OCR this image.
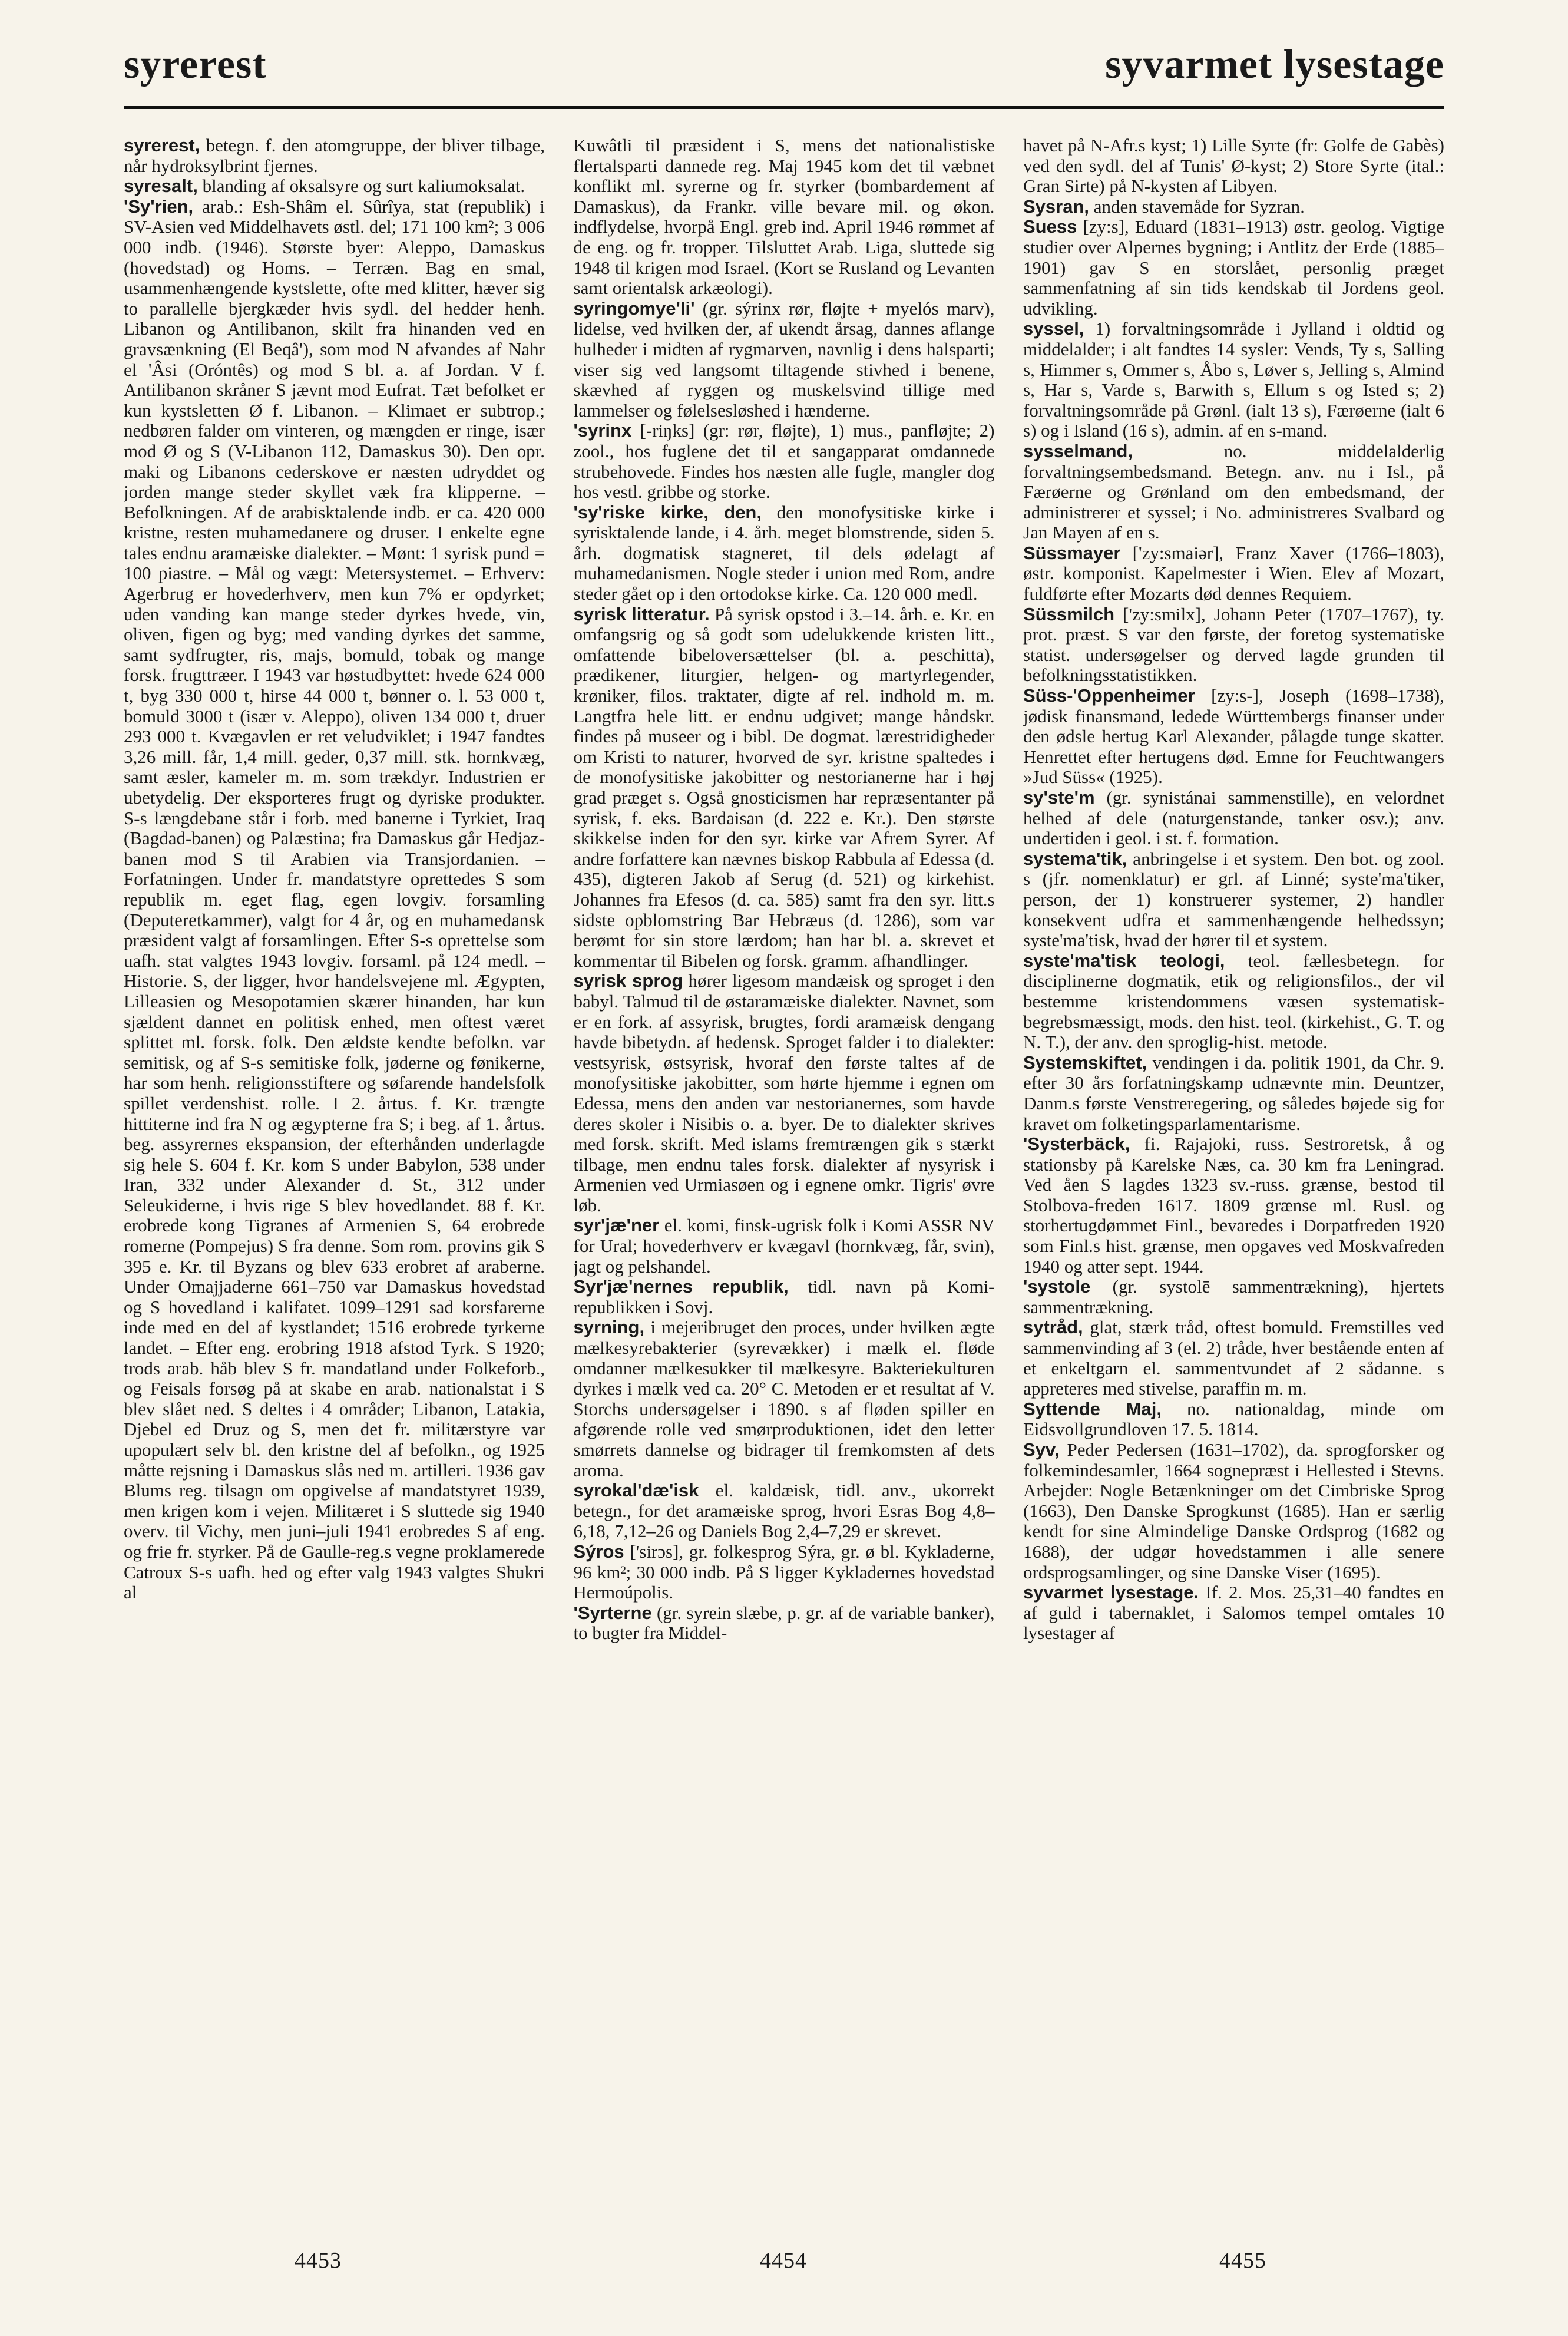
syrerest	syvarmet lysestage

syrerest, betegn. f. den atomgruppe, der bliver tilbage, når hydroksylbrint fjernes.

syresalt, blanding af oksalsyre og surt kaliumoksalat.

'Sy'rien, arab.: Esh-Shâm el. Sûrîya, stat (republik) i SV-Asien ved Middelhavets østl. del; 171 100 km²; 3 006 000 indb. (1946). Største byer: Aleppo, Damaskus (hovedstad) og Homs. – Terræn. Bag en smal, usammenhængende kystslette, ofte med klitter, hæver sig to parallelle bjergkæder hvis sydl. del hedder henh. Libanon og Antilibanon, skilt fra hinanden ved en gravsænkning (El Beqâ'), som mod N afvandes af Nahr el 'Âsi (Oróntês) og mod S bl. a. af Jordan. V f. Antilibanon skråner S jævnt mod Eufrat. Tæt befolket er kun kystsletten Ø f. Libanon. – Klimaet er subtrop.; nedbøren falder om vinteren, og mængden er ringe, især mod Ø og S (V-Libanon 112, Damaskus 30). Den opr. maki og Libanons cederskove er næsten udryddet og jorden mange steder skyllet væk fra klipperne. – Befolkningen. Af de arabisktalende indb. er ca. 420 000 kristne, resten muhamedanere og druser. I enkelte egne tales endnu aramæiske dialekter. – Mønt: 1 syrisk pund = 100 piastre. – Mål og vægt: Metersystemet. – Erhverv: Agerbrug er hovederhverv, men kun 7% er opdyrket; uden vanding kan mange steder dyrkes hvede, vin, oliven, figen og byg; med vanding dyrkes det samme, samt sydfrugter, ris, majs, bomuld, tobak og mange forsk. frugttræer. I 1943 var høstudbyttet: hvede 624 000 t, byg 330 000 t, hirse 44 000 t, bønner o. l. 53 000 t, bomuld 3000 t (især v. Aleppo), oliven 134 000 t, druer 293 000 t. Kvægavlen er ret veludviklet; i 1947 fandtes 3,26 mill. får, 1,4 mill. geder, 0,37 mill. stk. hornkvæg, samt æsler, kameler m. m. som trækdyr. Industrien er ubetydelig. Der eksporteres frugt og dyriske produkter. S-s længdebane står i forb. med banerne i Tyrkiet, Iraq (Bagdad-banen) og Palæstina; fra Damaskus går Hedjaz-banen mod S til Arabien via Transjordanien. – Forfatningen. Under fr. mandatstyre oprettedes S som republik m. eget flag, egen lovgiv. forsamling (Deputeretkammer), valgt for 4 år, og en muhamedansk præsident valgt af forsamlingen. Efter S-s oprettelse som uafh. stat valgtes 1943 lovgiv. forsaml. på 124 medl. – Historie. S, der ligger, hvor handelsvejene ml. Ægypten, Lilleasien og Mesopotamien skærer hinanden, har kun sjældent dannet en politisk enhed, men oftest været splittet ml. forsk. folk. Den ældste kendte befolkn. var semitisk, og af S-s semitiske folk, jøderne og fønikerne, har som henh. religionsstiftere og søfarende handelsfolk spillet verdenshist. rolle. I 2. årtus. f. Kr. trængte hittiterne ind fra N og ægypterne fra S; i beg. af 1. årtus. beg. assyrernes ekspansion, der efterhånden underlagde sig hele S. 604 f. Kr. kom S under Babylon, 538 under Iran, 332 under Alexander d. St., 312 under Seleukiderne, i hvis rige S blev hovedlandet. 88 f. Kr. erobrede kong Tigranes af Armenien S, 64 erobrede romerne (Pompejus) S fra denne. Som rom. provins gik S 395 e. Kr. til Byzans og blev 633 erobret af araberne. Under Omajjaderne 661–750 var Damaskus hovedstad og S hovedland i kalifatet. 1099–1291 sad korsfarerne inde med en del af kystlandet; 1516 erobrede tyrkerne landet. – Efter eng. erobring 1918 afstod Tyrk. S 1920; trods arab. håb blev S fr. mandatland under Folkeforb., og Feisals forsøg på at skabe en arab. nationalstat i S blev slået ned. S deltes i 4 områder; Libanon, Latakia, Djebel ed Druz og S, men det fr. militærstyre var upopulært selv bl. den kristne del af befolkn., og 1925 måtte rejsning i Damaskus slås ned m. artilleri. 1936 gav Blums reg. tilsagn om opgivelse af mandatstyret 1939, men krigen kom i vejen. Militæret i S sluttede sig 1940 overv. til Vichy, men juni–juli 1941 erobredes S af eng. og frie fr. styrker. På de Gaulle-reg.s vegne proklamerede Catroux S-s uafh. hed og efter valg 1943 valgtes Shukri al

Kuwâtli til præsident i S, mens det nationalistiske flertalsparti dannede reg. Maj 1945 kom det til væbnet konflikt ml. syrerne og fr. styrker (bombardement af Damaskus), da Frankr. ville bevare mil. og økon. indflydelse, hvorpå Engl. greb ind. April 1946 rømmet af de eng. og fr. tropper. Tilsluttet Arab. Liga, sluttede sig 1948 til krigen mod Israel. (Kort se Rusland og Levanten samt orientalsk arkæologi).

syringomye'li' (gr. sýrinx rør, fløjte + myelós marv), lidelse, ved hvilken der, af ukendt årsag, dannes aflange hulheder i midten af rygmarven, navnlig i dens halsparti; viser sig ved langsomt tiltagende stivhed i benene, skævhed af ryggen og muskelsvind tillige med lammelser og følelsesløshed i hænderne.

'syrinx [-riŋks] (gr: rør, fløjte), 1) mus., panfløjte; 2) zool., hos fuglene det til et sangapparat omdannede strubehovede. Findes hos næsten alle fugle, mangler dog hos vestl. gribbe og storke.

'sy'riske kirke, den, den monofysitiske kirke i syrisktalende lande, i 4. årh. meget blomstrende, siden 5. årh. dogmatisk stagneret, til dels ødelagt af muhamedanismen. Nogle steder i union med Rom, andre steder gået op i den ortodokse kirke. Ca. 120 000 medl.

syrisk litteratur. På syrisk opstod i 3.–14. årh. e. Kr. en omfangsrig og så godt som udelukkende kristen litt., omfattende bibeloversættelser (bl. a. peschitta), prædikener, liturgier, helgen- og martyrlegender, krøniker, filos. traktater, digte af rel. indhold m. m. Langtfra hele litt. er endnu udgivet; mange håndskr. findes på museer og i bibl. De dogmat. lærestridigheder om Kristi to naturer, hvorved de syr. kristne spaltedes i de monofysitiske jakobitter og nestorianerne har i høj grad præget s. Også gnosticismen har repræsentanter på syrisk, f. eks. Bardaisan (d. 222 e. Kr.). Den største skikkelse inden for den syr. kirke var Afrem Syrer. Af andre forfattere kan nævnes biskop Rabbula af Edessa (d. 435), digteren Jakob af Serug (d. 521) og kirkehist. Johannes fra Efesos (d. ca. 585) samt fra den syr. litt.s sidste opblomstring Bar Hebræus (d. 1286), som var berømt for sin store lærdom; han har bl. a. skrevet et kommentar til Bibelen og forsk. gramm. afhandlinger.

syrisk sprog hører ligesom mandæisk og sproget i den babyl. Talmud til de østaramæiske dialekter. Navnet, som er en fork. af assyrisk, brugtes, fordi aramæisk dengang havde bibetydn. af hedensk. Sproget falder i to dialekter: vestsyrisk, østsyrisk, hvoraf den første taltes af de monofysitiske jakobitter, som hørte hjemme i egnen om Edessa, mens den anden var nestorianernes, som havde deres skoler i Nisibis o. a. byer. De to dialekter skrives med forsk. skrift. Med islams fremtrængen gik s stærkt tilbage, men endnu tales forsk. dialekter af nysyrisk i Armenien ved Urmiasøen og i egnene omkr. Tigris' øvre løb.

syr'jæ'ner el. komi, finsk-ugrisk folk i Komi ASSR NV for Ural; hovederhverv er kvægavl (hornkvæg, får, svin), jagt og pelshandel.

Syr'jæ'nernes republik, tidl. navn på Komi-republikken i Sovj.

syrning, i mejeribruget den proces, under hvilken ægte mælkesyrebakterier (syrevækker) i mælk el. fløde omdanner mælkesukker til mælkesyre. Bakteriekulturen dyrkes i mælk ved ca. 20° C. Metoden er et resultat af V. Storchs undersøgelser i 1890. s af fløden spiller en afgørende rolle ved smørproduktionen, idet den letter smørrets dannelse og bidrager til fremkomsten af dets aroma.

syrokal'dæ'isk el. kaldæisk, tidl. anv., ukorrekt betegn., for det aramæiske sprog, hvori Esras Bog 4,8–6,18, 7,12–26 og Daniels Bog 2,4–7,29 er skrevet.

Sýros ['sirɔs], gr. folkesprog Sýra, gr. ø bl. Kykladerne, 96 km²; 30 000 indb. På S ligger Kykladernes hovedstad Hermoúpolis.

'Syrterne (gr. syrein slæbe, p. gr. af de variable banker), to bugter fra Middel-

havet på N-Afr.s kyst; 1) Lille Syrte (fr: Golfe de Gabès) ved den sydl. del af Tunis' Ø-kyst; 2) Store Syrte (ital.: Gran Sirte) på N-kysten af Libyen.

Sysran, anden stavemåde for Syzran.

Suess [zy:s], Eduard (1831–1913) østr. geolog. Vigtige studier over Alpernes bygning; i Antlitz der Erde (1885–1901) gav S en storslået, personlig præget sammenfatning af sin tids kendskab til Jordens geol. udvikling.

syssel, 1) forvaltningsområde i Jylland i oldtid og middelalder; i alt fandtes 14 sysler: Vends, Ty s, Salling s, Himmer s, Ommer s, Åbo s, Løver s, Jelling s, Almind s, Har s, Varde s, Barwith s, Ellum s og Isted s; 2) forvaltningsområde på Grønl. (ialt 13 s), Færøerne (ialt 6 s) og i Island (16 s), admin. af en s-mand.

sysselmand, no. middelalderlig forvaltningsembedsmand. Betegn. anv. nu i Isl., på Færøerne og Grønland om den embedsmand, der administrerer et syssel; i No. administreres Svalbard og Jan Mayen af en s.

Süssmayer ['zy:smaiər], Franz Xaver (1766–1803), østr. komponist. Kapelmester i Wien. Elev af Mozart, fuldførte efter Mozarts død dennes Requiem.

Süssmilch ['zy:smilx], Johann Peter (1707–1767), ty. prot. præst. S var den første, der foretog systematiske statist. undersøgelser og derved lagde grunden til befolkningsstatistikken.

Süss-'Oppenheimer [zy:s-], Joseph (1698–1738), jødisk finansmand, ledede Württembergs finanser under den ødsle hertug Karl Alexander, pålagde tunge skatter. Henrettet efter hertugens død. Emne for Feuchtwangers »Jud Süss« (1925).

sy'ste'm (gr. synistánai sammenstille), en velordnet helhed af dele (naturgenstande, tanker osv.); anv. undertiden i geol. i st. f. formation.

systema'tik, anbringelse i et system. Den bot. og zool. s (jfr. nomenklatur) er grl. af Linné; syste'ma'tiker, person, der 1) konstruerer systemer, 2) handler konsekvent udfra et sammenhængende helhedssyn; syste'ma'tisk, hvad der hører til et system.

syste'ma'tisk teologi, teol. fællesbetegn. for disciplinerne dogmatik, etik og religionsfilos., der vil bestemme kristendommens væsen systematisk-begrebsmæssigt, mods. den hist. teol. (kirkehist., G. T. og N. T.), der anv. den sproglig-hist. metode.

Systemskiftet, vendingen i da. politik 1901, da Chr. 9. efter 30 års forfatningskamp udnævnte min. Deuntzer, Danm.s første Venstreregering, og således bøjede sig for kravet om folketingsparlamentarisme.

'Systerbäck, fi. Rajajoki, russ. Sestroretsk, å og stationsby på Karelske Næs, ca. 30 km fra Leningrad. Ved åen S lagdes 1323 sv.-russ. grænse, bestod til Stolbova-freden 1617. 1809 grænse ml. Rusl. og storhertugdømmet Finl., bevaredes i Dorpatfreden 1920 som Finl.s hist. grænse, men opgaves ved Moskvafreden 1940 og atter sept. 1944.

'systole (gr. systolē sammentrækning), hjertets sammentrækning.

sytråd, glat, stærk tråd, oftest bomuld. Fremstilles ved sammenvinding af 3 (el. 2) tråde, hver bestående enten af et enkeltgarn el. sammentvundet af 2 sådanne. s appreteres med stivelse, paraffin m. m.

Syttende Maj, no. nationaldag, minde om Eidsvollgrundloven 17. 5. 1814.

Syv, Peder Pedersen (1631–1702), da. sprogforsker og folkemindesamler, 1664 sognepræst i Hellested i Stevns. Arbejder: Nogle Betænkninger om det Cimbriske Sprog (1663), Den Danske Sprogkunst (1685). Han er særlig kendt for sine Almindelige Danske Ordsprog (1682 og 1688), der udgør hovedstammen i alle senere ordsprogsamlinger, og sine Danske Viser (1695).

syvarmet lysestage. If. 2. Mos. 25,31–40 fandtes en af guld i tabernaklet, i Salomos tempel omtales 10 lysestager af

4453	4454	4455
